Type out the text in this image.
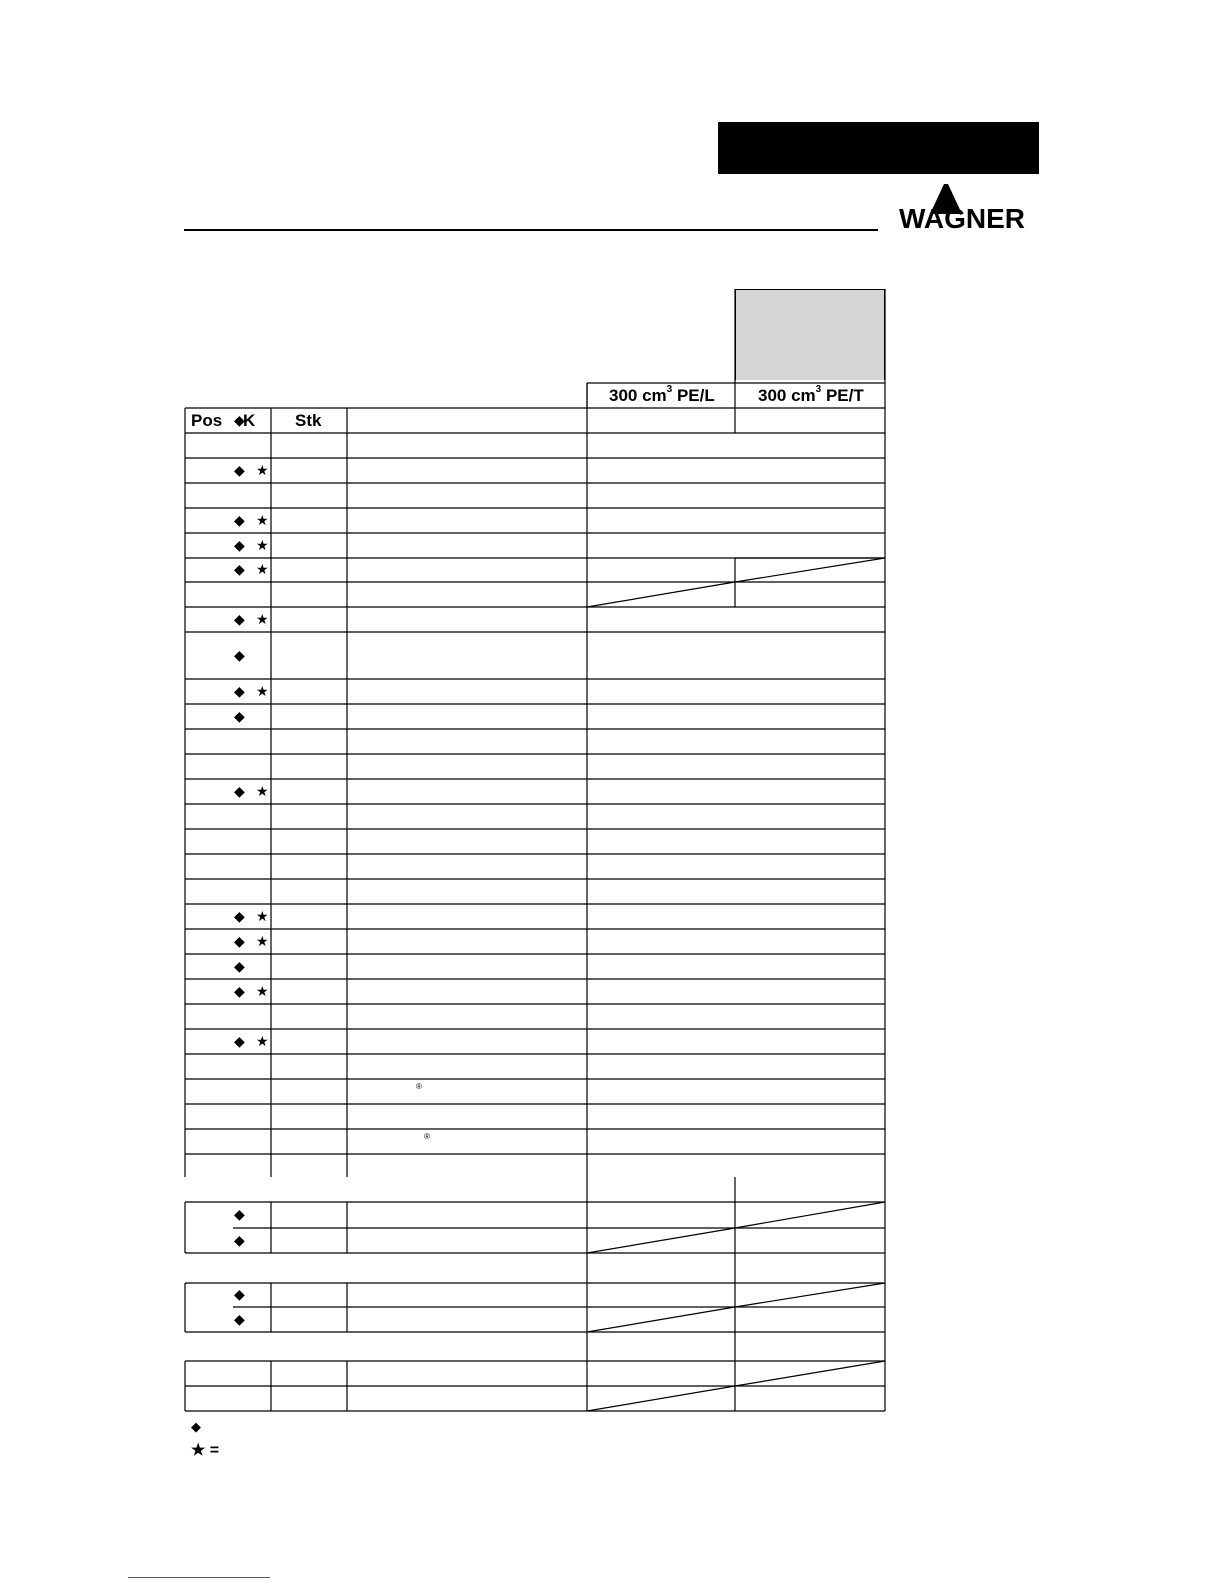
WAGNER
300 $cm^3$ PE/L	300 $cm^3$ PE/T
Pos K Stk
◆
◆ ★
◆ ★
◆ ★
◆ ★
◆ ★
◆
◆ ★
◆
◆ ★
◆ ★
◆ ★
◆
◆ ★
◆ ★
®
®
◆
◆
◆
◆
◆
★ =
